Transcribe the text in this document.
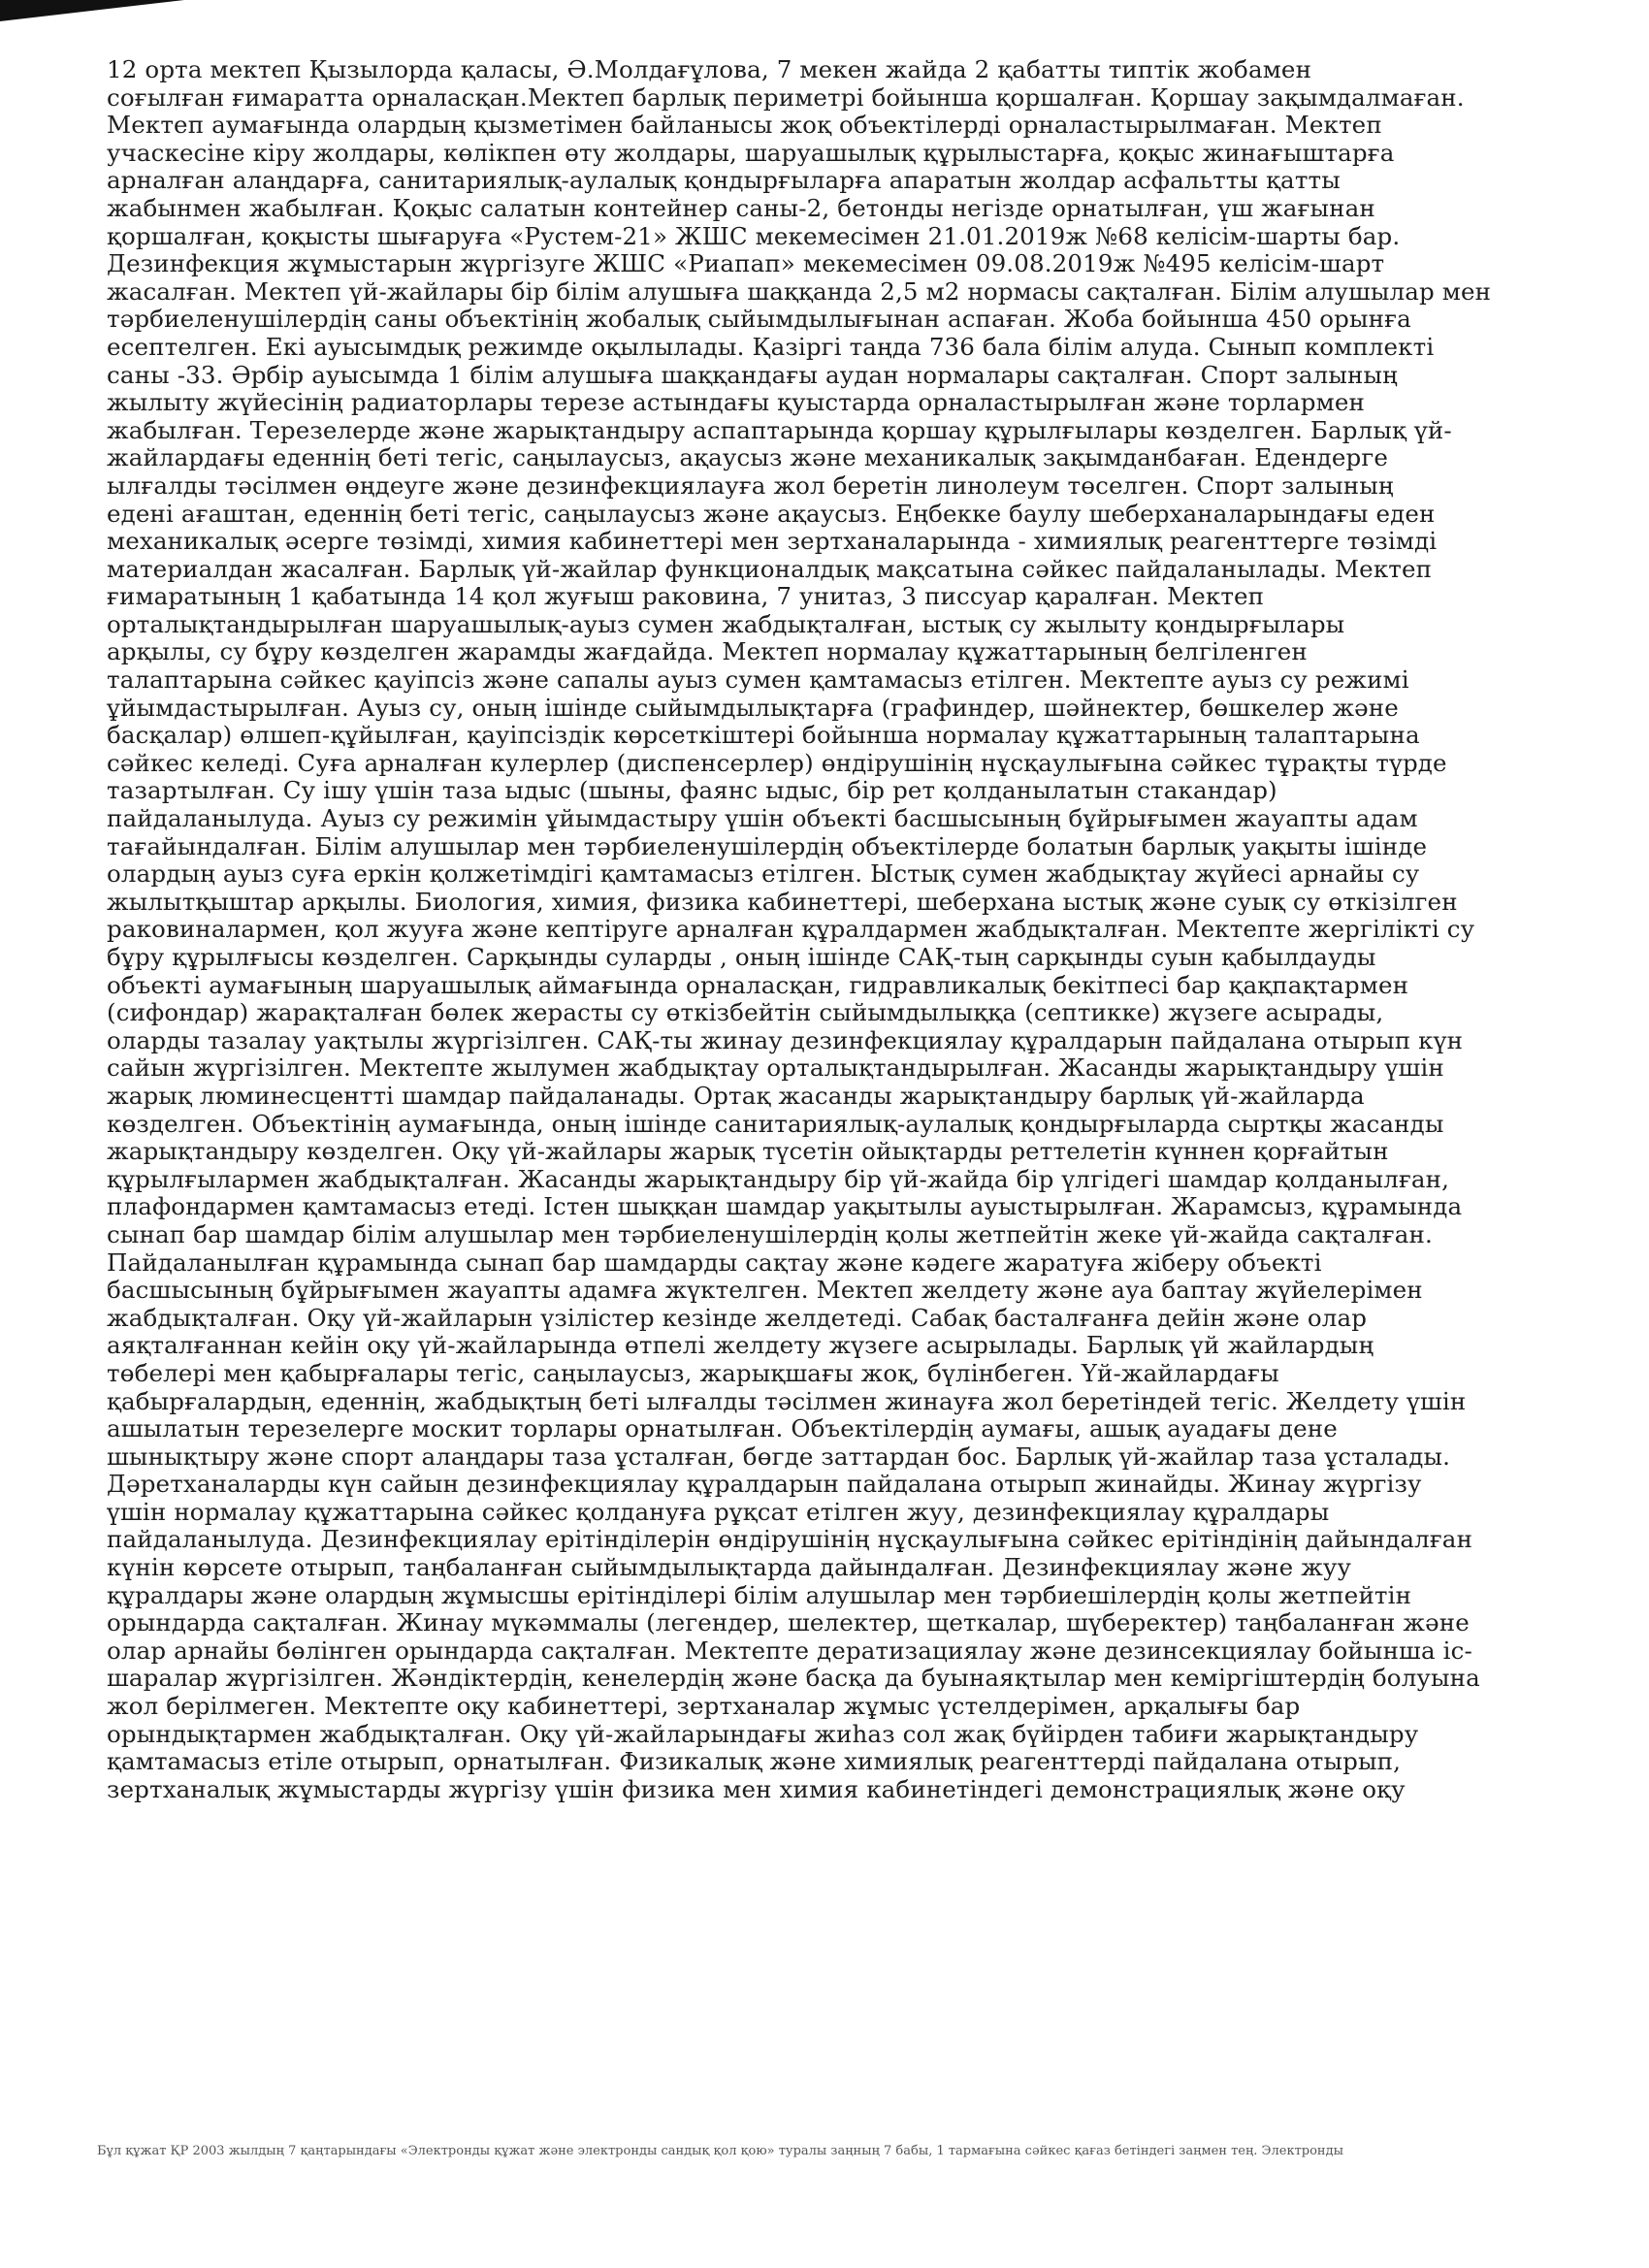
12 орта мектеп Қызылорда қаласы, Ә.Молдағұлова, 7 мекен жайда 2 қабатты типтік жобамен
соғылған ғимаратта орналасқан.Мектеп барлық периметрі бойынша қоршалған. Қоршау зақымдалмаған.
Мектеп аумағында олардың қызметімен байланысы жоқ объектілерді орналастырылмаған. Мектеп
учаскесіне кіру жолдары, көлікпен өту жолдары, шаруашылық құрылыстарға, қоқыс жинағыштарға
арналған алаңдарға, санитариялық-аулалық қондырғыларға апаратын жолдар асфальтты қатты
жабынмен жабылған. Қоқыс салатын контейнер саны-2, бетонды негізде орнатылған, үш жағынан
қоршалған, қоқысты шығаруға «Рустем-21» ЖШС мекемесімен 21.01.2019ж №68 келісім-шарты бар.
Дезинфекция жұмыстарын жүргізуге ЖШС «Риапап» мекемесімен 09.08.2019ж №495 келісім-шарт
жасалған. Мектеп үй-жайлары бір білім алушыға шаққанда 2,5 м2 нормасы сақталған. Білім алушылар мен
тәрбиеленушілердің саны объектінің жобалық сыйымдылығынан аспаған. Жоба бойынша 450 орынға
есептелген. Екі ауысымдық режимде оқылылады. Қазіргі таңда 736 бала білім алуда. Сынып комплекті
саны -33. Әрбір ауысымда 1 білім алушыға шаққандағы аудан нормалары сақталған. Спорт залының
жылыту жүйесінің радиаторлары терезе астындағы қуыстарда орналастырылған және торлармен
жабылған. Терезелерде және жарықтандыру аспаптарында қоршау құрылғылары көзделген. Барлық үй-
жайлардағы еденнің беті тегіс, саңылаусыз, ақаусыз және механикалық зақымданбаған. Едендерге
ылғалды тәсілмен өңдеуге және дезинфекциялауға жол беретін линолеум төселген. Спорт залының
едені ағаштан, еденнің беті тегіс, саңылаусыз және ақаусыз. Еңбекке баулу шеберханаларындағы еден
механикалық әсерге төзімді, химия кабинеттері мен зертханаларында - химиялық реагенттерге төзімді
материалдан жасалған. Барлық үй-жайлар функционалдық мақсатына сәйкес пайдаланылады. Мектеп
ғимаратының 1 қабатында 14 қол жуғыш раковина, 7 унитаз, 3 писсуар қаралған. Мектеп
орталықтандырылған шаруашылық-ауыз сумен жабдықталған, ыстық су жылыту қондырғылары
арқылы, су бұру көзделген жарамды жағдайда. Мектеп нормалау құжаттарының белгіленген
талаптарына сәйкес қауіпсіз және сапалы ауыз сумен қамтамасыз етілген. Мектепте ауыз су режимі
ұйымдастырылған. Ауыз су, оның ішінде сыйымдылықтарға (графиндер, шәйнектер, бөшкелер және
басқалар) өлшеп-құйылған, қауіпсіздік көрсеткіштері бойынша нормалау құжаттарының талаптарына
сәйкес келеді. Суға арналған кулерлер (диспенсерлер) өндірушінің нұсқаулығына сәйкес тұрақты түрде
тазартылған. Су ішу үшін таза ыдыс (шыны, фаянс ыдыс, бір рет қолданылатын стакандар)
пайдаланылуда. Ауыз су режимін ұйымдастыру үшін объекті басшысының бұйрығымен жауапты адам
тағайындалған. Білім алушылар мен тәрбиеленушілердің объектілерде болатын барлық уақыты ішінде
олардың ауыз суға еркін қолжетімдігі қамтамасыз етілген. Ыстық сумен жабдықтау жүйесі арнайы су
жылытқыштар арқылы. Биология, химия, физика кабинеттері, шеберхана ыстық және суық су өткізілген
раковиналармен, қол жууға және кептіруге арналған құралдармен жабдықталған. Мектепте жергілікті су
бұру құрылғысы көзделген. Сарқынды суларды , оның ішінде САҚ-тың сарқынды суын қабылдауды
объекті аумағының шаруашылық аймағында орналасқан, гидравликалық бекітпесі бар қақпақтармен
(сифондар) жарақталған бөлек жерасты су өткізбейтін сыйымдылыққа (септикке) жүзеге асырады,
оларды тазалау уақтылы жүргізілген. САҚ-ты жинау дезинфекциялау құралдарын пайдалана отырып күн
сайын жүргізілген. Мектепте жылумен жабдықтау орталықтандырылған. Жасанды жарықтандыру үшін
жарық люминесцентті шамдар пайдаланады. Ортақ жасанды жарықтандыру барлық үй-жайларда
көзделген. Объектінің аумағында, оның ішінде санитариялық-аулалық қондырғыларда сыртқы жасанды
жарықтандыру көзделген. Оқу үй-жайлары жарық түсетін ойықтарды реттелетін күннен қорғайтын
құрылғылармен жабдықталған. Жасанды жарықтандыру бір үй-жайда бір үлгідегі шамдар қолданылған,
плафондармен қамтамасыз етеді. Істен шыққан шамдар уақытылы ауыстырылған. Жарамсыз, құрамында
сынап бар шамдар білім алушылар мен тәрбиеленушілердің қолы жетпейтін жеке үй-жайда сақталған.
Пайдаланылған құрамында сынап бар шамдарды сақтау және кәдеге жаратуға жіберу объекті
басшысының бұйрығымен жауапты адамға жүктелген. Мектеп желдету және ауа баптау жүйелерімен
жабдықталған. Оқу үй-жайларын үзілістер кезінде желдетеді. Сабақ басталғанға дейін және олар
аяқталғаннан кейін оқу үй-жайларында өтпелі желдету жүзеге асырылады. Барлық үй жайлардың
төбелері мен қабырғалары тегіс, саңылаусыз, жарықшағы жоқ, бүлінбеген. Үй-жайлардағы
қабырғалардың, еденнің, жабдықтың беті ылғалды тәсілмен жинауға жол беретіндей тегіс. Желдету үшін
ашылатын терезелерге москит торлары орнатылған. Объектілердің аумағы, ашық ауадағы дене
шынықтыру және спорт алаңдары таза ұсталған, бөгде заттардан бос. Барлық үй-жайлар таза ұсталады.
Дәретханаларды күн сайын дезинфекциялау құралдарын пайдалана отырып жинайды. Жинау жүргізу
үшін нормалау құжаттарына сәйкес қолдануға рұқсат етілген жуу, дезинфекциялау құралдары
пайдаланылуда. Дезинфекциялау ерітінділерін өндірушінің нұсқаулығына сәйкес ерітіндінің дайындалған
күнін көрсете отырып, таңбаланған сыйымдылықтарда дайындалған. Дезинфекциялау және жуу
құралдары және олардың жұмысшы ерітінділері білім алушылар мен тәрбиешілердің қолы жетпейтін
орындарда сақталған. Жинау мүкәммалы (легендер, шелектер, щеткалар, шүберектер) таңбаланған және
олар арнайы бөлінген орындарда сақталған. Мектепте дератизациялау және дезинсекциялау бойынша іс-
шаралар жүргізілген. Жәндіктердің, кенелердің және басқа да буынаяқтылар мен кеміргіштердің болуына
жол берілмеген. Мектепте оқу кабинеттері, зертханалар жұмыс үстелдерімен, арқалығы бар
орындықтармен жабдықталған. Оқу үй-жайларындағы жиһаз сол жақ бүйірден табиғи жарықтандыру
қамтамасыз етіле отырып, орнатылған. Физикалық және химиялық реагенттерді пайдалана отырып,
зертханалық жұмыстарды жүргізу үшін физика мен химия кабинетіндегі демонстрациялық және оқу
Бұл құжат ҚР 2003 жылдың 7 қаңтарындағы «Электронды құжат және электронды сандық қол қою» туралы заңның 7 бабы, 1 тармағына сәйкес қағаз бетіндегі заңмен тең. Электронды
